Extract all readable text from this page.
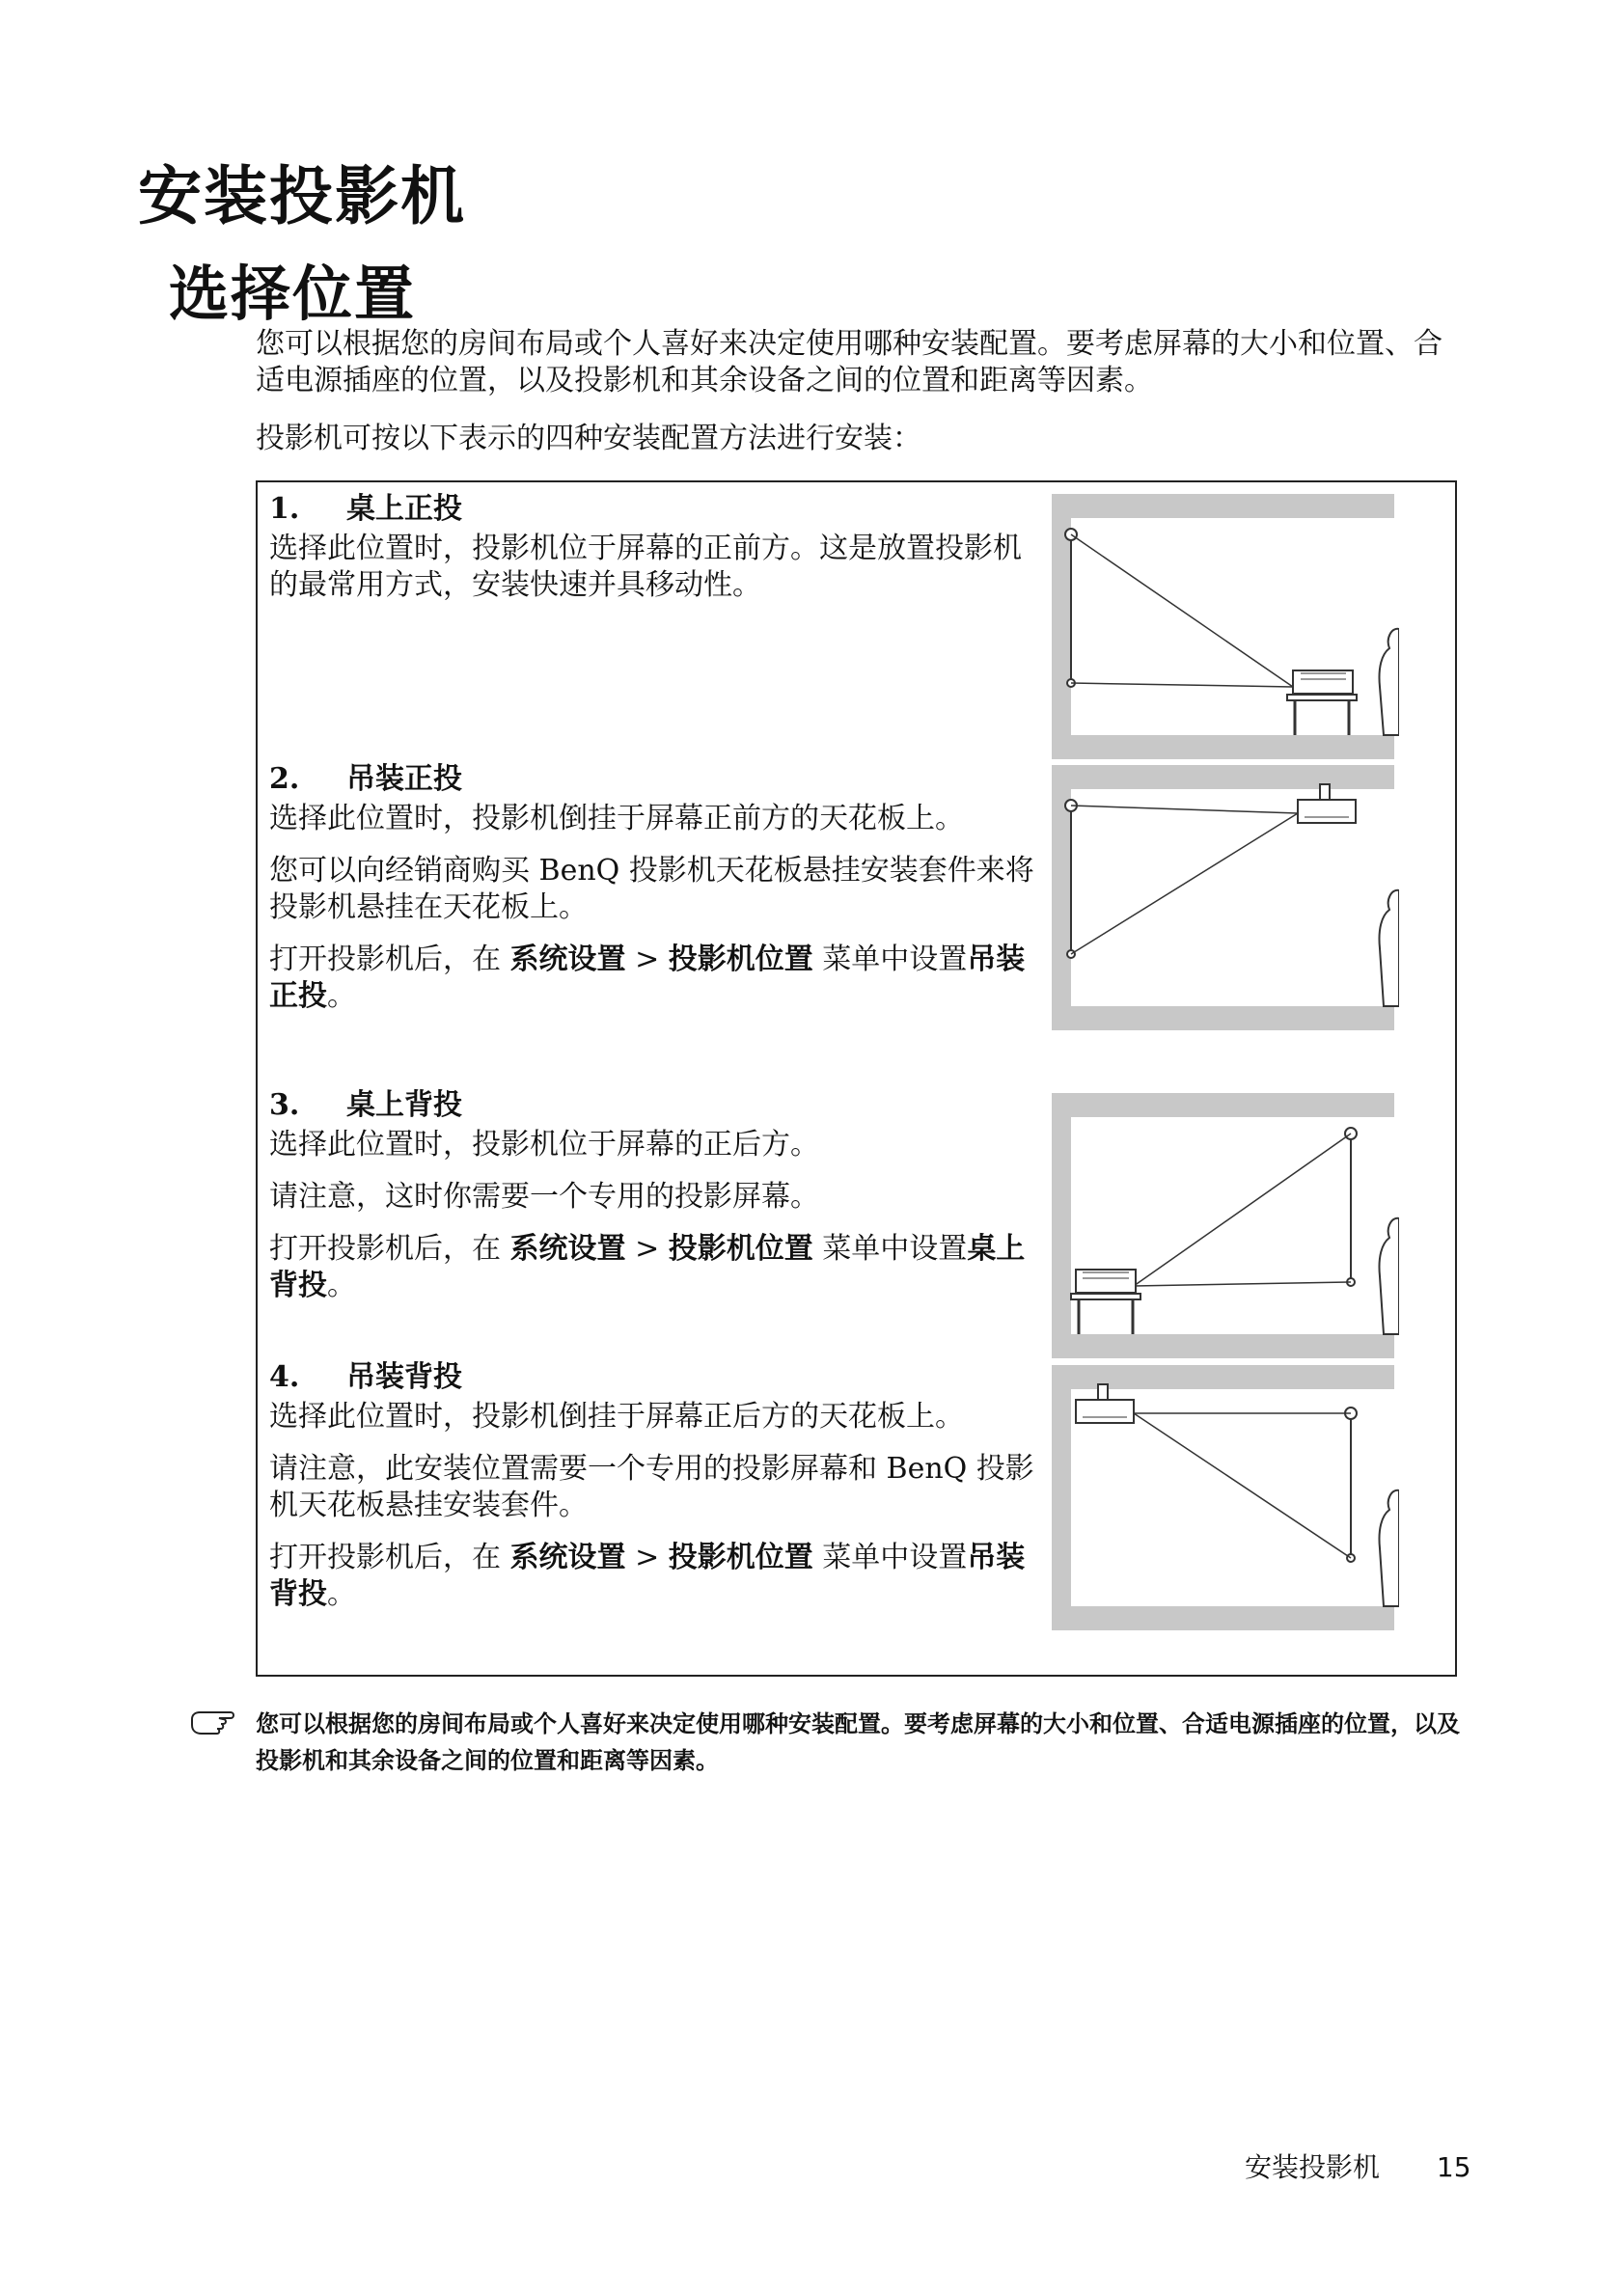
安装投影机
选择位置

您可以根据您的房间布局或个人喜好来决定使用哪种安装配置。要考虑屏幕的大小和位置、合适电源插座的位置，以及投影机和其余设备之间的位置和距离等因素。

投影机可按以下表示的四种安装配置方法进行安装：

1. 桌上正投

选择此位置时，投影机位于屏幕的正前方。这是放置投影机的最常用方式，安装快速并具移动性。

2. 吊装正投

选择此位置时，投影机倒挂于屏幕正前方的天花板上。

您可以向经销商购买 BenQ 投影机天花板悬挂安装套件来将投影机悬挂在天花板上。

打开投影机后，在 系统设置 > 投影机位置 菜单中设置吊装正投。

3. 桌上背投

选择此位置时，投影机位于屏幕的正后方。

请注意，这时你需要一个专用的投影屏幕。

打开投影机后，在 系统设置 > 投影机位置 菜单中设置桌上背投。

4. 吊装背投

选择此位置时，投影机倒挂于屏幕正后方的天花板上。

请注意，此安装位置需要一个专用的投影屏幕和 BenQ 投影机天花板悬挂安装套件。

打开投影机后，在 系统设置 > 投影机位置 菜单中设置吊装背投。

您可以根据您的房间布局或个人喜好来决定使用哪种安装配置。要考虑屏幕的大小和位置、合适电源插座的位置，以及投影机和其余设备之间的位置和距离等因素。

安装投影机 15
